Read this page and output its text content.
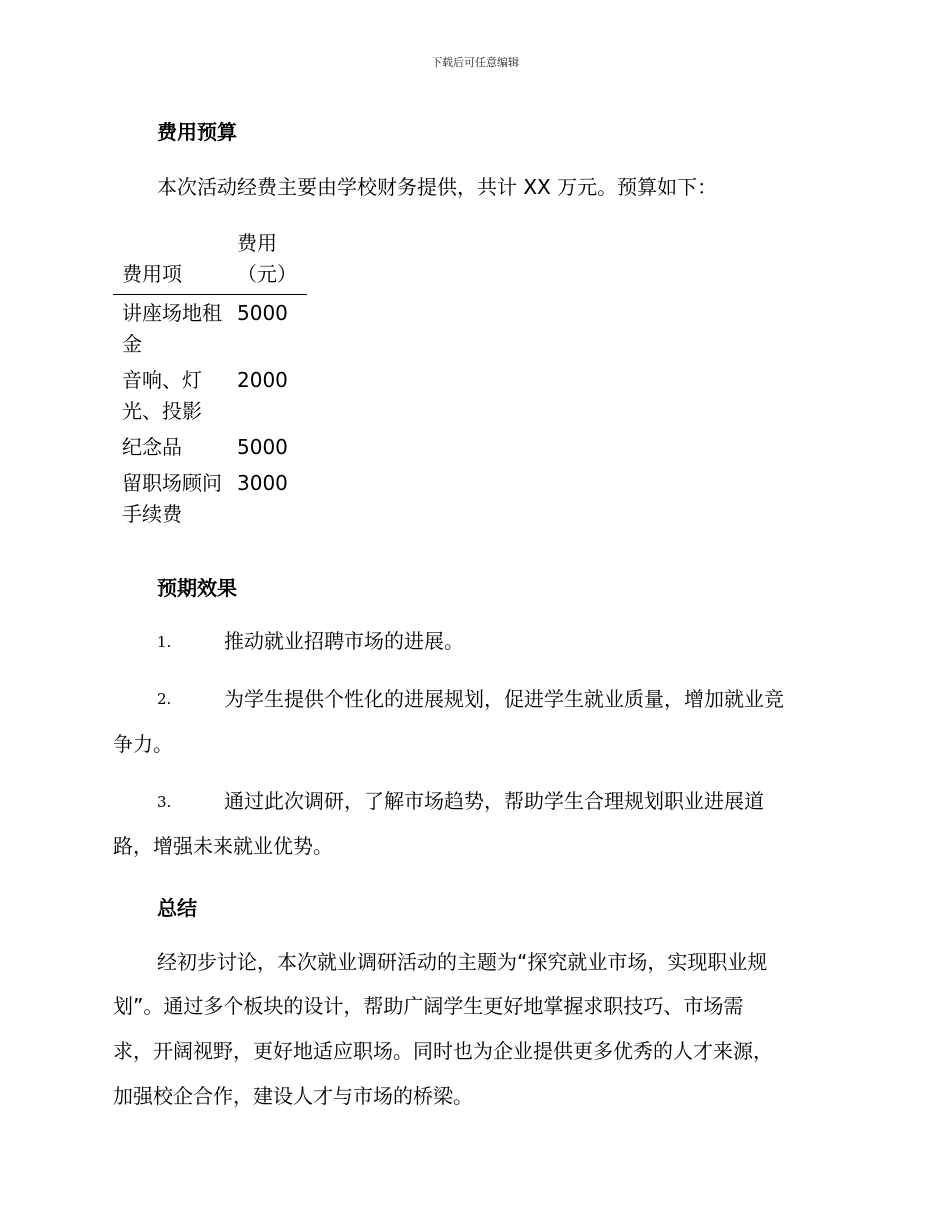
下载后可任意编辑
费用预算

本次活动经费主要由学校财务提供，共计 XX 万元。预算如下：

费用项	费用（元）
讲座场地租金	5000
音响、灯光、投影	2000
纪念品	5000
留职场顾问手续费	3000
预期效果
1.	推动就业招聘市场的进展。
2.	为学生提供个性化的进展规划，促进学生就业质量，增加就业竞
争力。
3.	通过此次调研，了解市场趋势，帮助学生合理规划职业进展道
路，增强未来就业优势。
总结
经初步讨论，本次就业调研活动的主题为“探究就业市场，实现职业规
划”。通过多个板块的设计，帮助广阔学生更好地掌握求职技巧、市场需
求，开阔视野，更好地适应职场。同时也为企业提供更多优秀的人才来源，
加强校企合作，建设人才与市场的桥梁。
